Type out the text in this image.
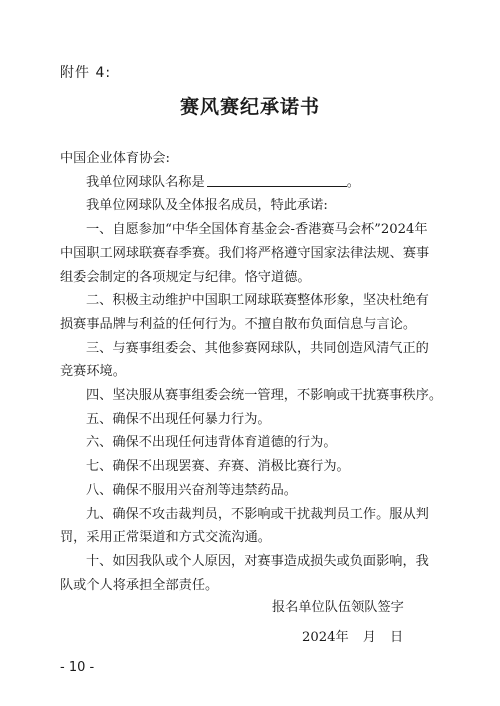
附件 4:
赛风赛纪承诺书
中国企业体育协会:
我单位网球队名称是	。
我单位网球队及全体报名成员，特此承诺:
一、自愿参加“中华全国体育基金会-香港赛马会杯”2024年
中国职工网球联赛春季赛。我们将严格遵守国家法律法规、赛事
组委会制定的各项规定与纪律。恪守道德。
二、积极主动维护中国职工网球联赛整体形象，坚决杜绝有
损赛事品牌与利益的任何行为。不擅自散布负面信息与言论。
三、与赛事组委会、其他参赛网球队，共同创造风清气正的
竞赛环境。
四、坚决服从赛事组委会统一管理，不影响或干扰赛事秩序。
五、确保不出现任何暴力行为。
六、确保不出现任何违背体育道德的行为。
七、确保不出现罢赛、弃赛、消极比赛行为。
八、确保不服用兴奋剂等违禁药品。
九、确保不攻击裁判员，不影响或干扰裁判员工作。服从判
罚，采用正常渠道和方式交流沟通。
十、如因我队或个人原因，对赛事造成损失或负面影响，我
队或个人将承担全部责任。
报名单位队伍领队签字
2024年 月 日
- 10 -
